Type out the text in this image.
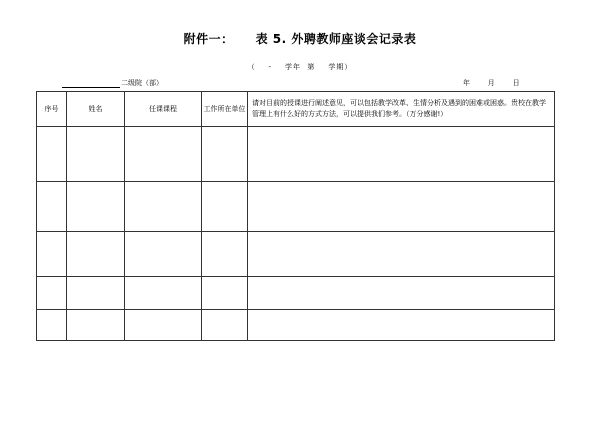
附件一： 表 5. 外聘教师座谈会记录表
（    -    学年  第    学期）
二级院（部）	年        月        日
序号	姓名	任课课程	工作所在单位	请对目前的授课进行阐述意见，可以包括教学改革、生情分析及遇到的困难或困惑。贵校在教学管理上有什么好的方式方法，可以提供我们参考。（万分感谢!）
